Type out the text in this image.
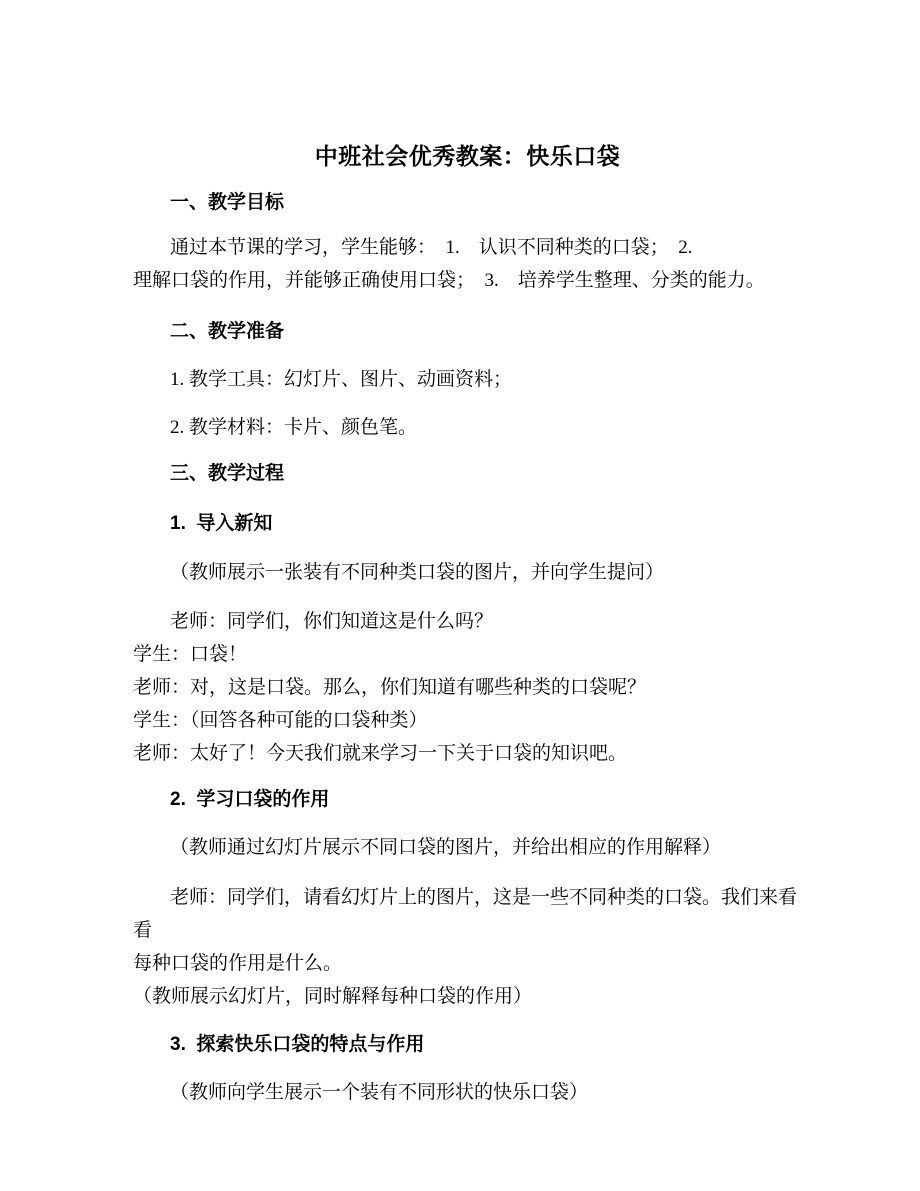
中班社会优秀教案：快乐口袋
一、教学目标
通过本节课的学习，学生能够：　1.　认识不同种类的口袋；　2.
理解口袋的作用，并能够正确使用口袋；　3.　培养学生整理、分类的能力。
二、教学准备
1. 教学工具：幻灯片、图片、动画资料；
2. 教学材料：卡片、颜色笔。
三、教学过程
1.  导入新知
（教师展示一张装有不同种类口袋的图片，并向学生提问）
老师：同学们，你们知道这是什么吗？
学生：口袋！
老师：对，这是口袋。那么，你们知道有哪些种类的口袋呢？
学生：（回答各种可能的口袋种类）
老师：太好了！今天我们就来学习一下关于口袋的知识吧。
2.  学习口袋的作用
（教师通过幻灯片展示不同口袋的图片，并给出相应的作用解释）
老师：同学们，请看幻灯片上的图片，这是一些不同种类的口袋。我们来看看
每种口袋的作用是什么。
（教师展示幻灯片，同时解释每种口袋的作用）
3.  探索快乐口袋的特点与作用
（教师向学生展示一个装有不同形状的快乐口袋）
